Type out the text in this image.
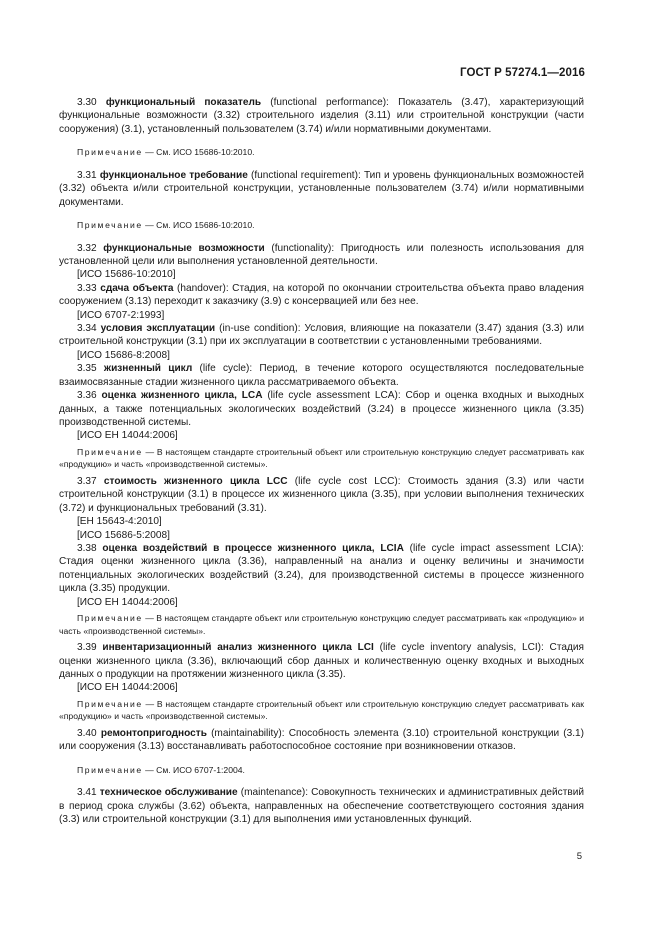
ГОСТ Р 57274.1—2016

3.30 функциональный показатель (functional performance): Показатель (3.47), характеризующий функциональные возможности (3.32) строительного изделия (3.11) или строительной конструкции (части сооружения) (3.1), установленный пользователем (3.74) и/или нормативными документами.

Примечание — См. ИСО 15686-10:2010.

3.31 функциональное требование (functional requirement): Тип и уровень функциональных возможностей (3.32) объекта и/или строительной конструкции, установленные пользователем (3.74) и/или нормативными документами.

Примечание — См. ИСО 15686-10:2010.

3.32 функциональные возможности (functionality): Пригодность или полезность использования для установленной цели или выполнения установленной деятельности.

[ИСО 15686-10:2010]

3.33 сдача объекта (handover): Стадия, на которой по окончании строительства объекта право владения сооружением (3.13) переходит к заказчику (3.9) с консервацией или без нее.

[ИСО 6707-2:1993]

3.34 условия эксплуатации (in-use condition): Условия, влияющие на показатели (3.47) здания (3.3) или строительной конструкции (3.1) при их эксплуатации в соответствии с установленными требованиями.

[ИСО 15686-8:2008]

3.35 жизненный цикл (life cycle): Период, в течение которого осуществляются последовательные взаимосвязанные стадии жизненного цикла рассматриваемого объекта.

3.36 оценка жизненного цикла, LCA (life cycle assessment LCA): Сбор и оценка входных и выходных данных, а также потенциальных экологических воздействий (3.24) в процессе жизненного цикла (3.35) производственной системы.

[ИСО ЕН 14044:2006]

Примечание — В настоящем стандарте строительный объект или строительную конструкцию следует рассматривать как «продукцию» и часть «производственной системы».

3.37 стоимость жизненного цикла LCC (life cycle cost LCC): Стоимость здания (3.3) или части строительной конструкции (3.1) в процессе их жизненного цикла (3.35), при условии выполнения технических (3.72) и функциональных требований (3.31).

[ЕН 15643-4:2010]

[ИСО 15686-5:2008]

3.38 оценка воздействий в процессе жизненного цикла, LCIA (life cycle impact assessment LCIA): Стадия оценки жизненного цикла (3.36), направленный на анализ и оценку величины и значимости потенциальных экологических воздействий (3.24), для производственной системы в процессе жизненного цикла (3.35) продукции.

[ИСО ЕН 14044:2006]

Примечание — В настоящем стандарте объект или строительную конструкцию следует рассматривать как «продукцию» и часть «производственной системы».

3.39 инвентаризационный анализ жизненного цикла LCI (life cycle inventory analysis, LCI): Стадия оценки жизненного цикла (3.36), включающий сбор данных и количественную оценку входных и выходных данных о продукции на протяжении жизненного цикла (3.35).

[ИСО ЕН 14044:2006]

Примечание — В настоящем стандарте строительный объект или строительную конструкцию следует рассматривать как «продукцию» и часть «производственной системы».

3.40 ремонтопригодность (maintainability): Способность элемента (3.10) строительной конструкции (3.1) или сооружения (3.13) восстанавливать работоспособное состояние при возникновении отказов.

Примечание — См. ИСО 6707-1:2004.

3.41 техническое обслуживание (maintenance): Совокупность технических и административных действий в период срока службы (3.62) объекта, направленных на обеспечение соответствующего состояния здания (3.3) или строительной конструкции (3.1) для выполнения ими установленных функций.

5
